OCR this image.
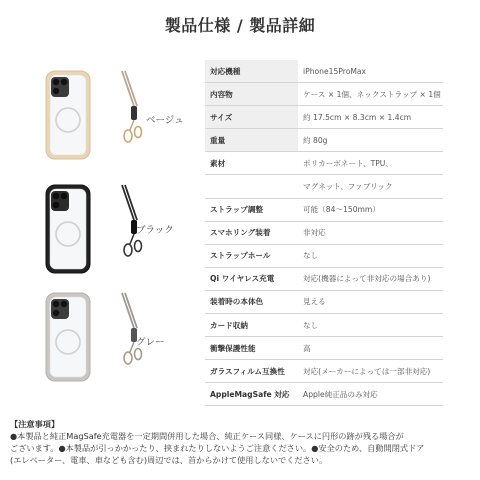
製品仕様 / 製品詳細
ベージュ
ブラック
グレー
対応機種	iPhone15ProMax
内容物	ケース × 1個、ネックストラップ × 1個
サイズ	約 17.5cm × 8.3cm × 1.4cm
重量	約 80g
素材	ポリカーボネート、TPU、
	マグネット、ファブリック
ストラップ調整	可能（84〜150mm）
スマホリング装着	非対応
ストラップホール	なし
Qi ワイヤレス充電	対応(機器によって非対応の場合あり)
装着時の本体色	見える
カード収納	なし
衝撃保護性能	高
ガラスフィルム互換性	対応(メーカーによっては一部非対応)
AppleMagSafe 対応	Apple純正品のみ対応
【注意事項】
●本製品と純正MagSafe充電器を一定期間併用した場合、純正ケース同様、ケースに円形の跡が残る場合が
ございます。●本製品が引っかかったり、挟まれたりしないようご注意ください。●安全のため、自動開閉式ドア
(エレベーター、電車、車なども含む)周辺では、首からかけて使用しないでください。
